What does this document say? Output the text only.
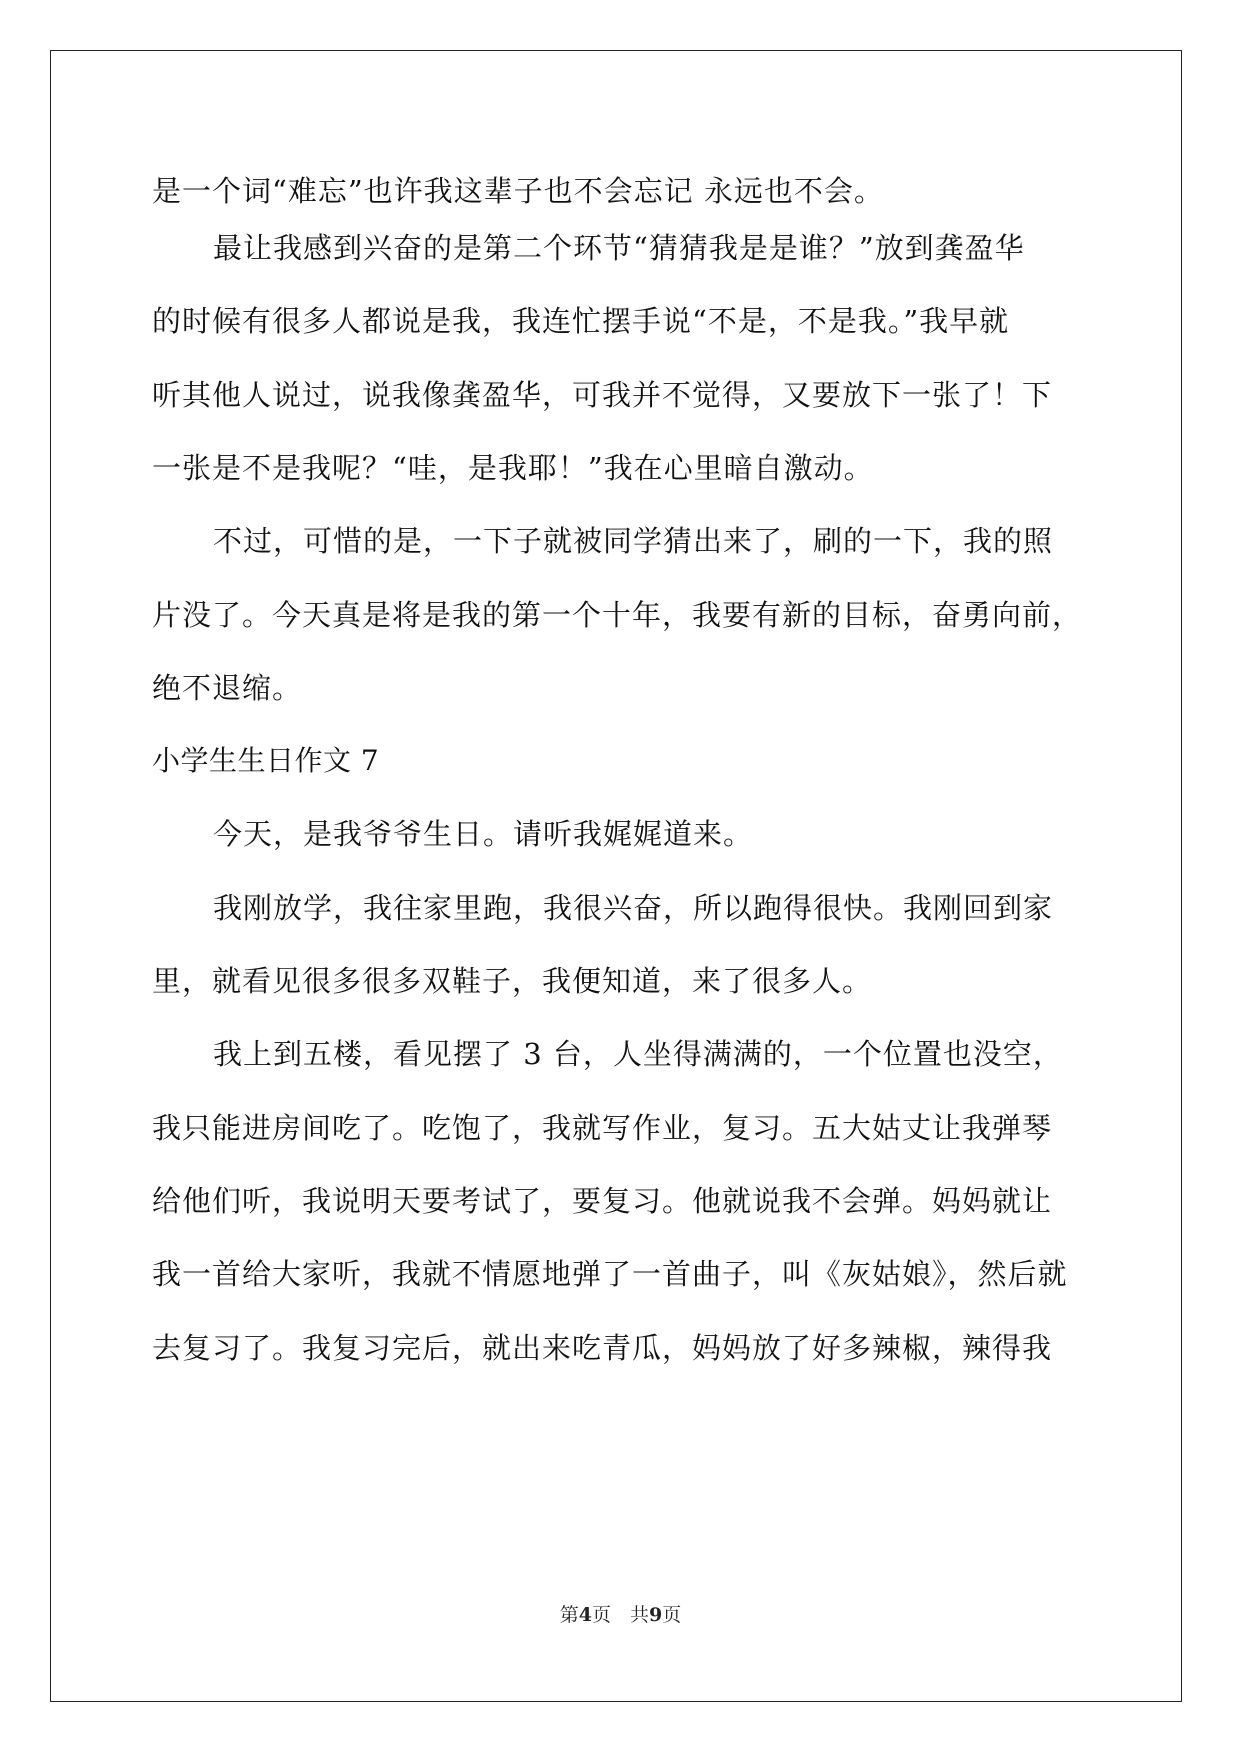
是一个词“难忘”也许我这辈子也不会忘记 永远也不会。
最让我感到兴奋的是第二个环节“猜猜我是是谁？”放到龚盈华
的时候有很多人都说是我，我连忙摆手说“不是，不是我。”我早就
听其他人说过，说我像龚盈华，可我并不觉得，又要放下一张了！下
一张是不是我呢？“哇，是我耶！”我在心里暗自激动。
不过，可惜的是，一下子就被同学猜出来了，刷的一下，我的照
片没了。今天真是将是我的第一个十年，我要有新的目标，奋勇向前，
绝不退缩。
小学生生日作文 7
今天，是我爷爷生日。请听我娓娓道来。
我刚放学，我往家里跑，我很兴奋，所以跑得很快。我刚回到家
里，就看见很多很多双鞋子，我便知道，来了很多人。
我上到五楼，看见摆了 3 台，人坐得满满的，一个位置也没空，
我只能进房间吃了。吃饱了，我就写作业，复习。五大姑丈让我弹琴
给他们听，我说明天要考试了，要复习。他就说我不会弹。妈妈就让
我一首给大家听，我就不情愿地弹了一首曲子，叫《灰姑娘》，然后就
去复习了。我复习完后，就出来吃青瓜，妈妈放了好多辣椒，辣得我
第4页　共9页
